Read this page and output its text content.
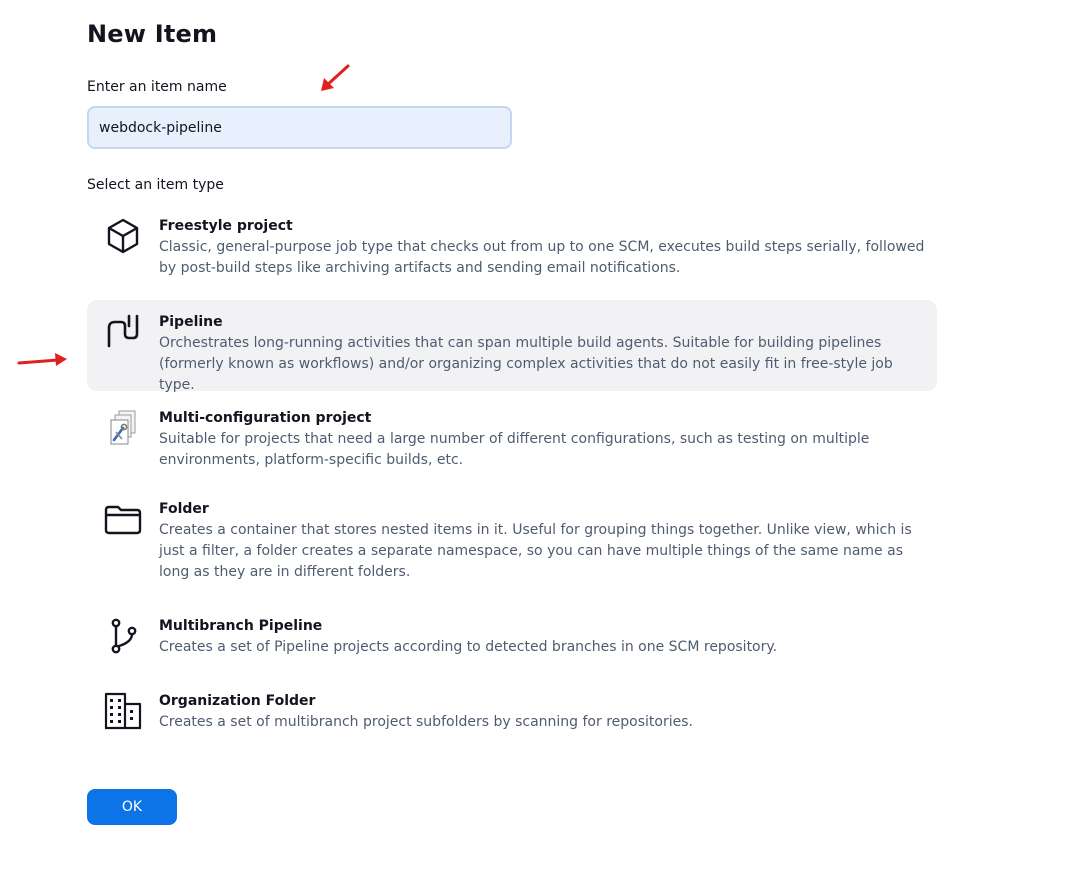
New Item
Enter an item name
webdock-pipeline
Select an item type
Freestyle project
Classic, general-purpose job type that checks out from up to one SCM, executes build steps serially, followed by post-build steps like archiving artifacts and sending email notifications.
Pipeline
Orchestrates long-running activities that can span multiple build agents. Suitable for building pipelines (formerly known as workflows) and/or organizing complex activities that do not easily fit in free-style job type.
Multi-configuration project
Suitable for projects that need a large number of different configurations, such as testing on multiple environments, platform-specific builds, etc.
Folder
Creates a container that stores nested items in it. Useful for grouping things together. Unlike view, which is just a filter, a folder creates a separate namespace, so you can have multiple things of the same name as long as they are in different folders.
Multibranch Pipeline
Creates a set of Pipeline projects according to detected branches in one SCM repository.
Organization Folder
Creates a set of multibranch project subfolders by scanning for repositories.
OK
